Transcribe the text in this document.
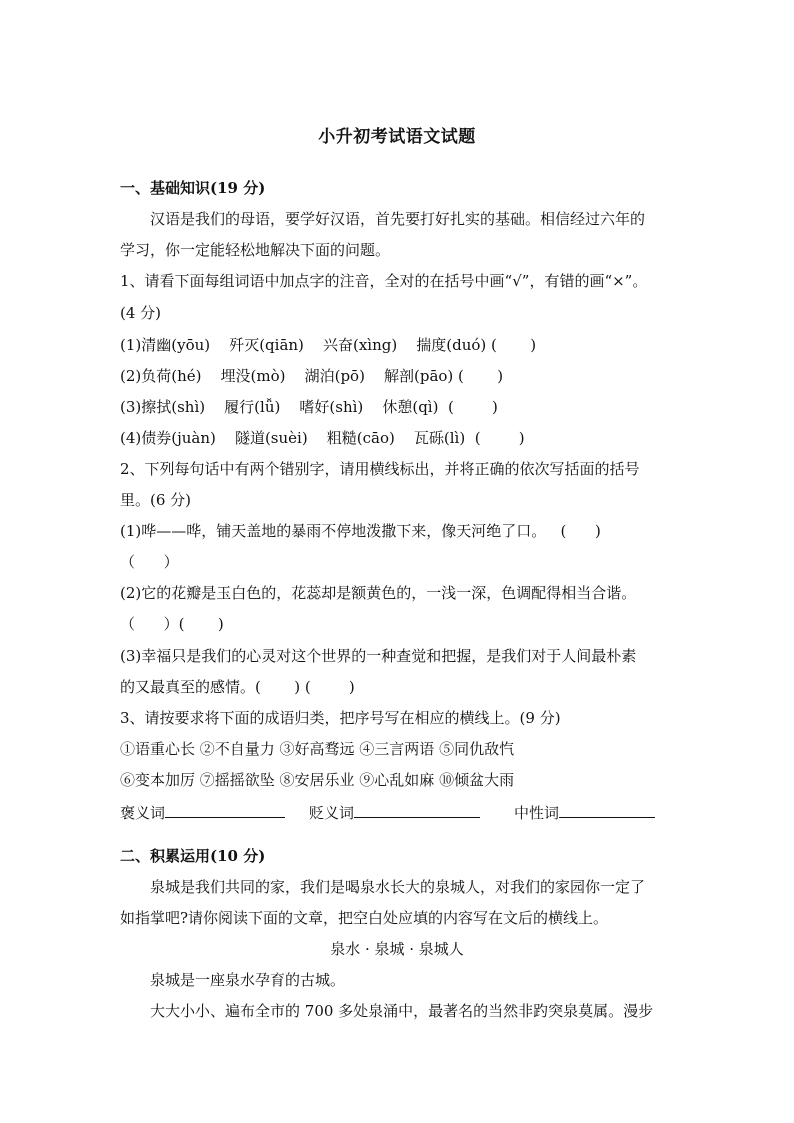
小升初考试语文试题
一、基础知识(19 分)
汉语是我们的母语，要学好汉语，首先要打好扎实的基础。相信经过六年的
学习，你一定能轻松地解决下面的问题。
1、请看下面每组词语中加点字的注音，全对的在括号中画“√”，有错的画“×”。
(4 分)
(1)清幽(yōu)    歼灭(qiān)    兴奋(xìng)    揣度(duó) (       )
(2)负荷(hé)    埋没(mò)    湖泊(pō)    解剖(pāo) (       )
(3)擦拭(shì)    履行(lǚ)    嗜好(shì)    休憩(qì)  (        )
(4)债券(juàn)    隧道(suèi)    粗糙(cāo)    瓦砾(lì)  (        )
2、下列每句话中有两个错别字，请用横线标出，并将正确的依次写括面的括号
里。(6 分)
(1)哗——哗，铺天盖地的暴雨不停地泼撒下来，像天河绝了口。   (      )
（      ）
(2)它的花瓣是玉白色的，花蕊却是额黄色的，一浅一深，色调配得相当合谐。
（      ）(       )
(3)幸福只是我们的心灵对这个世界的一种查觉和把握，是我们对于人间最朴素
的又最真至的感情。(       ) (        )
3、请按要求将下面的成语归类，把序号写在相应的横线上。(9 分)
①语重心长 ②不自量力 ③好高骛远 ④三言两语 ⑤同仇敌忾
⑥变本加厉 ⑦摇摇欲坠 ⑧安居乐业 ⑨心乱如麻 ⑩倾盆大雨
褒义词	贬义词	中性词
二、积累运用(10 分)
泉城是我们共同的家，我们是喝泉水长大的泉城人，对我们的家园你一定了
如指掌吧?请你阅读下面的文章，把空白处应填的内容写在文后的横线上。
泉水 · 泉城 · 泉城人
泉城是一座泉水孕育的古城。
大大小小、遍布全市的 700 多处泉涌中，最著名的当然非趵突泉莫属。漫步
